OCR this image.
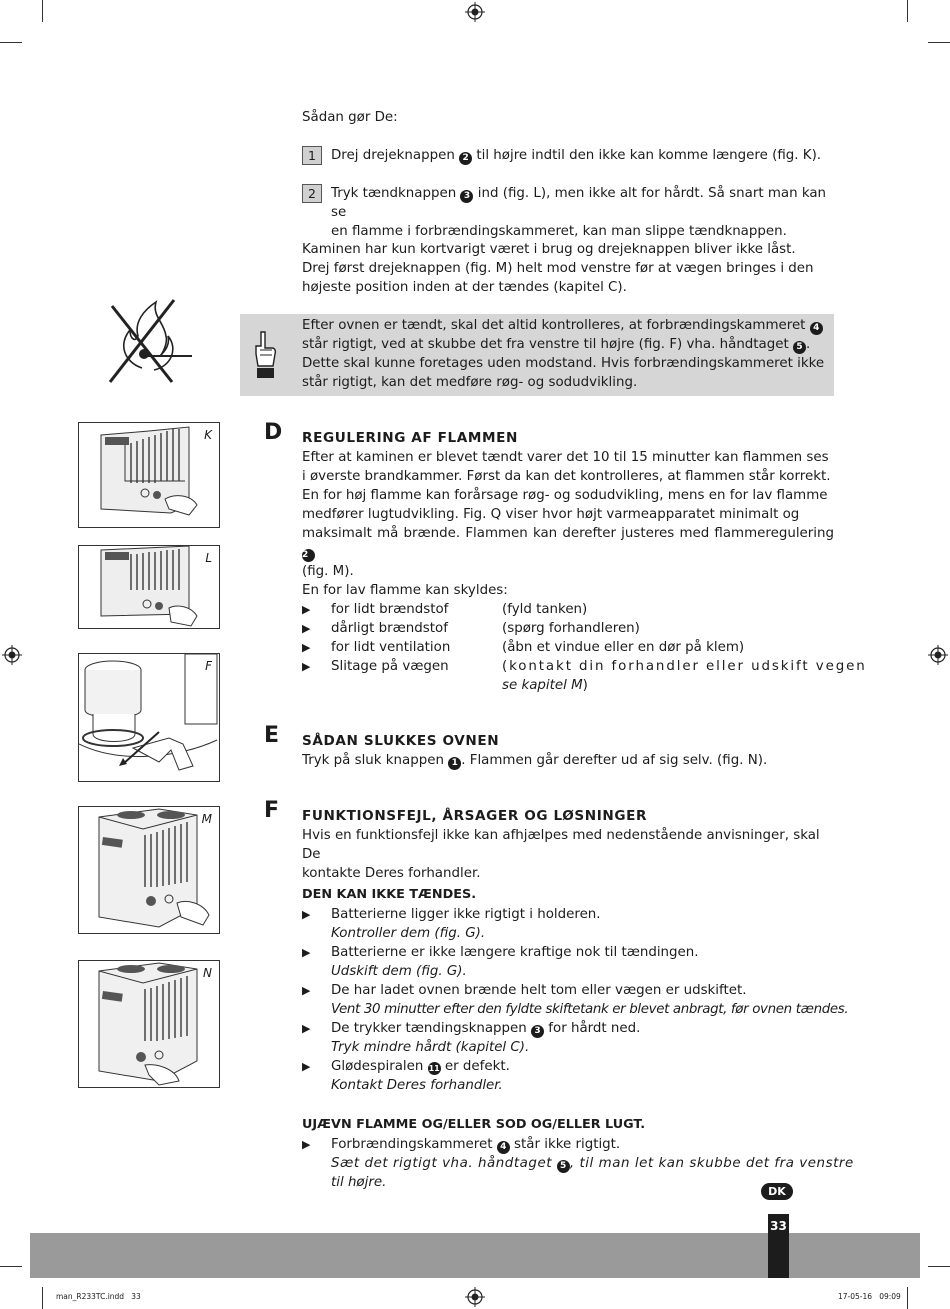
Sådan gør De:
1	Drej drejeknappen 2 til højre indtil den ikke kan komme længere (fig. K).
2	Tryk tændknappen 3 ind (fig. L), men ikke alt for hårdt. Så snart man kan se
en flamme i forbrændingskammeret, kan man slippe tændknappen.
Kaminen har kun kortvarigt været i brug og drejeknappen bliver ikke låst.
Drej først drejeknappen (fig. M) helt mod venstre før at vægen bringes i den
højeste position inden at der tændes (kapitel C).
Efter ovnen er tændt, skal det altid kontrolleres, at forbrændingskammeret 4
står rigtigt, ved at skubbe det fra venstre til højre (fig. F) vha. håndtaget 5 .
Dette skal kunne foretages uden modstand. Hvis forbrændingskammeret ikke
står rigtigt, kan det medføre røg- og sodudvikling.
D REGULERING AF FLAMMEN
Efter at kaminen er blevet tændt varer det 10 til 15 minutter kan flammen ses
i øverste brandkammer. Først da kan det kontrolleres, at flammen står korrekt.
En for høj flamme kan forårsage røg- og sodudvikling, mens en for lav flamme
medfører lugtudvikling. Fig. Q viser hvor højt varmeapparatet minimalt og
maksimalt må brænde. Flammen kan derefter justeres med flammeregulering 2
(fig. M).
En for lav flamme kan skyldes:
▶ for lidt brændstof	(fyld tanken)
▶ dårligt brændstof	(spørg forhandleren)
▶ for lidt ventilation	(åbn et vindue eller en dør på klem)
▶ Slitage på vægen	(kontakt din forhandler eller udskift vegen
se kapitel M)
E SÅDAN SLUKKES OVNEN
Tryk på sluk knappen 1 . Flammen går derefter ud af sig selv. (fig. N).
F FUNKTIONSFEJL, ÅRSAGER OG LØSNINGER
Hvis en funktionsfejl ikke kan afhjælpes med nedenstående anvisninger, skal De
kontakte Deres forhandler.
DEN KAN IKKE TÆNDES.
▶ Batterierne ligger ikke rigtigt i holderen.
Kontroller dem (fig. G).
▶ Batterierne er ikke længere kraftige nok til tændingen.
Udskift dem (fig. G).
▶ De har ladet ovnen brænde helt tom eller vægen er udskiftet.
Vent 30 minutter efter den fyldte skiftetank er blevet anbragt, før ovnen tændes.
▶ De trykker tændingsknappen 3 for hårdt ned.
Tryk mindre hårdt (kapitel C).
▶ Glødespiralen 11 er defekt.
Kontakt Deres forhandler.
UJÆVN FLAMME OG/ELLER SOD OG/ELLER LUGT.
▶ Forbrændingskammeret 4 står ikke rigtigt.
Sæt det rigtigt vha. håndtaget 5 , til man let kan skubbe det fra venstre
til højre.
K
L
F
M
N
DK
33
man_R233TC.indd   33	17-05-16   09:09
